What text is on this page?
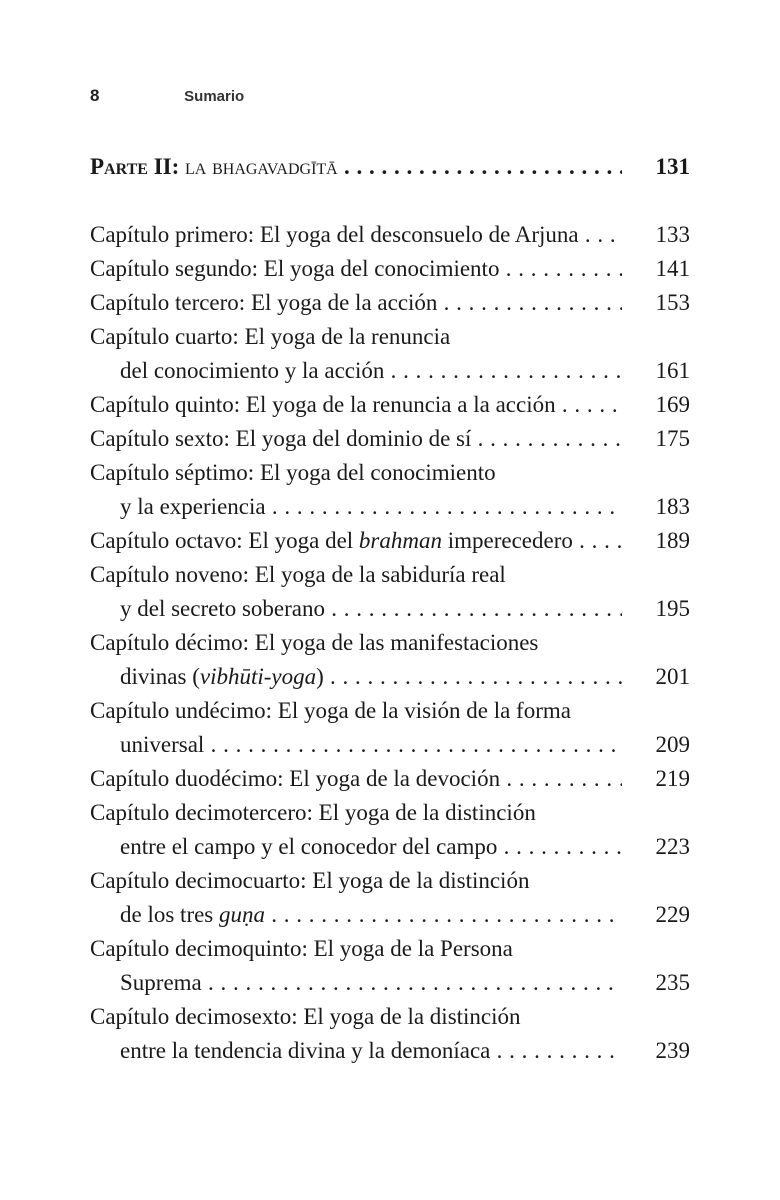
8	Sumario
Parte II: la bhagavadgītā . . .	131
Capítulo primero: El yoga del desconsuelo de Arjuna . . .	133
Capítulo segundo: El yoga del conocimiento . . .	141
Capítulo tercero: El yoga de la acción . . .	153
Capítulo cuarto: El yoga de la renuncia
del conocimiento y la acción . . .	161
Capítulo quinto: El yoga de la renuncia a la acción . . .	169
Capítulo sexto: El yoga del dominio de sí . . .	175
Capítulo séptimo: El yoga del conocimiento
y la experiencia . . .	183
Capítulo octavo: El yoga del brahman imperecedero . . .	189
Capítulo noveno: El yoga de la sabiduría real
y del secreto soberano . . .	195
Capítulo décimo: El yoga de las manifestaciones
divinas (vibhūti-yoga) . . .	201
Capítulo undécimo: El yoga de la visión de la forma
universal . . .	209
Capítulo duodécimo: El yoga de la devoción . . .	219
Capítulo decimotercero: El yoga de la distinción
entre el campo y el conocedor del campo . . .	223
Capítulo decimocuarto: El yoga de la distinción
de los tres guṇa . . .	229
Capítulo decimoquinto: El yoga de la Persona
Suprema . . .	235
Capítulo decimosexto: El yoga de la distinción
entre la tendencia divina y la demoníaca . . .	239
